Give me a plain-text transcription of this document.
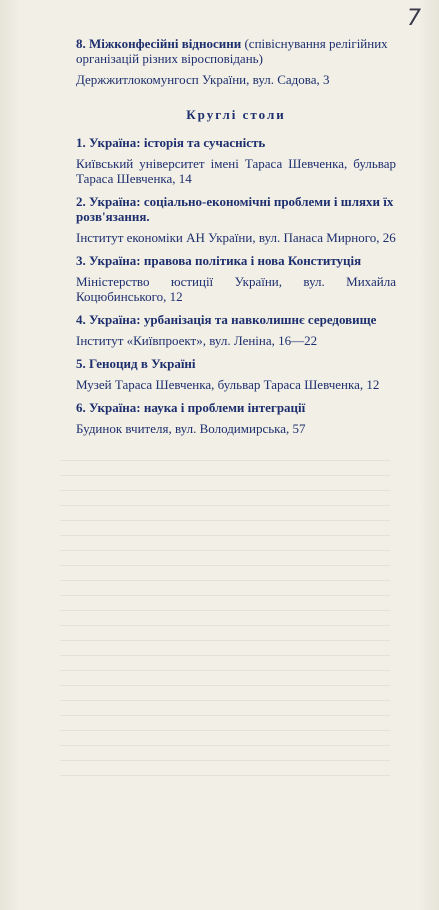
7

8. Міжконфесійні відносини (співіснування релігійних організацій різних віросповідань)

Держжитлокомунгосп України, вул. Садова, 3

Круглі столи

1. Україна: історія та сучасність

Київський університет імені Тараса Шевченка, бульвар Тараса Шевченка, 14

2. Україна: соціально-економічні проблеми і шляхи їх розв'язання.

Інститут економіки АН України, вул. Панаса Мирного, 26

3. Україна: правова політика і нова Конституція

Міністерство юстиції України, вул. Михайла Коцюбинського, 12

4. Україна: урбанізація та навколишнє середовище

Інститут «Київпроект», вул. Леніна, 16—22

5. Геноцид в Україні

Музей Тараса Шевченка, бульвар Тараса Шевченка, 12

6. Україна: наука і проблеми інтеграції

Будинок вчителя, вул. Володимирська, 57
